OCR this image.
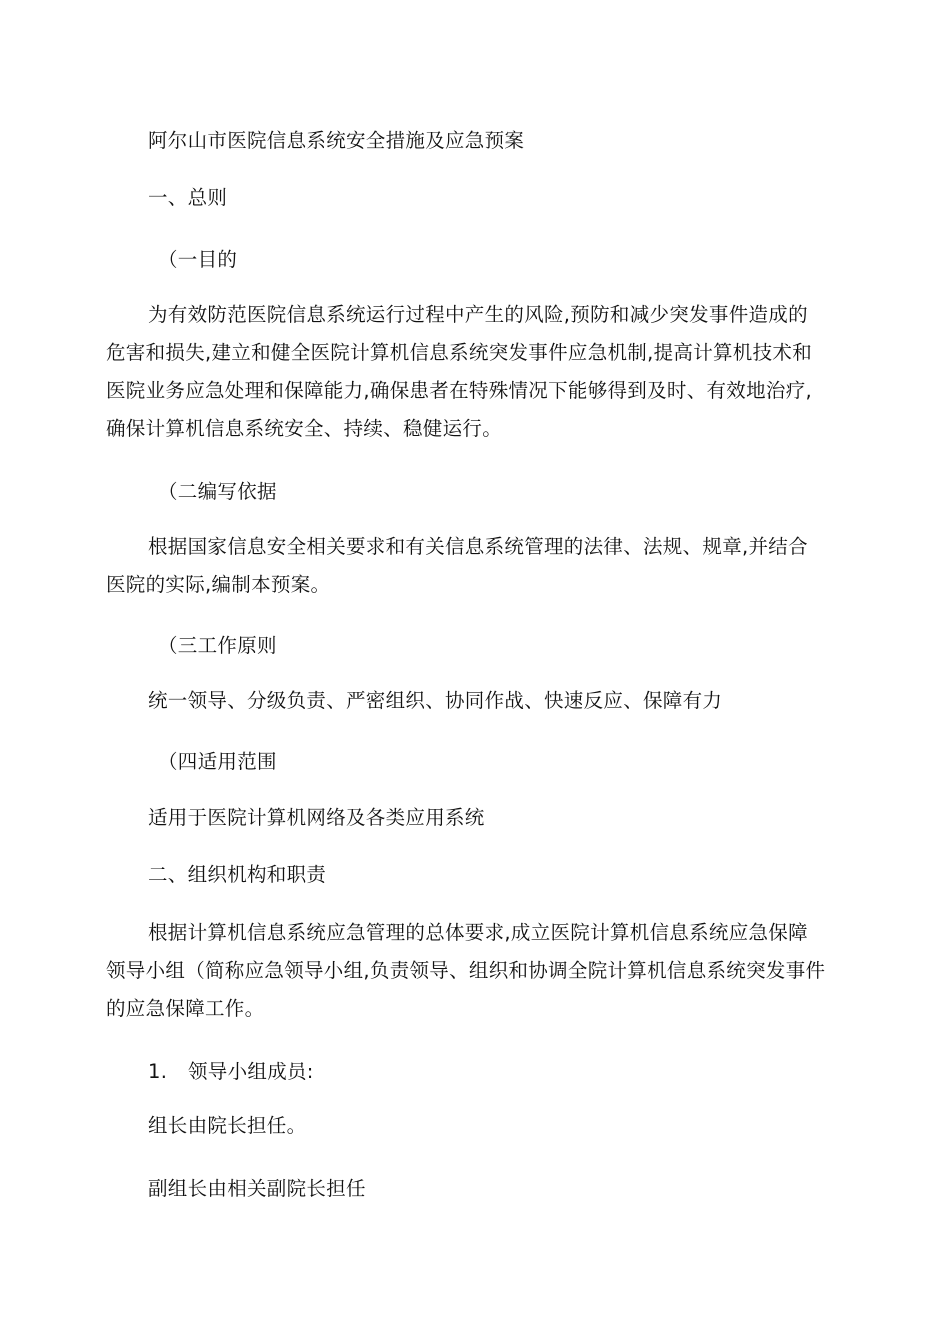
阿尔山市医院信息系统安全措施及应急预案
一、总则
（一目的
为有效防范医院信息系统运行过程中产生的风险,预防和减少突发事件造成的
危害和损失,建立和健全医院计算机信息系统突发事件应急机制,提高计算机技术和
医院业务应急处理和保障能力,确保患者在特殊情况下能够得到及时、有效地治疗,
确保计算机信息系统安全、持续、稳健运行。
（二编写依据
根据国家信息安全相关要求和有关信息系统管理的法律、法规、规章,并结合
医院的实际,编制本预案。
（三工作原则
统一领导、分级负责、严密组织、协同作战、快速反应、保障有力
（四适用范围
适用于医院计算机网络及各类应用系统
二、组织机构和职责
根据计算机信息系统应急管理的总体要求,成立医院计算机信息系统应急保障
领导小组（简称应急领导小组,负责领导、组织和协调全院计算机信息系统突发事件
的应急保障工作。
1. 领导小组成员:
组长由院长担任。
副组长由相关副院长担任
